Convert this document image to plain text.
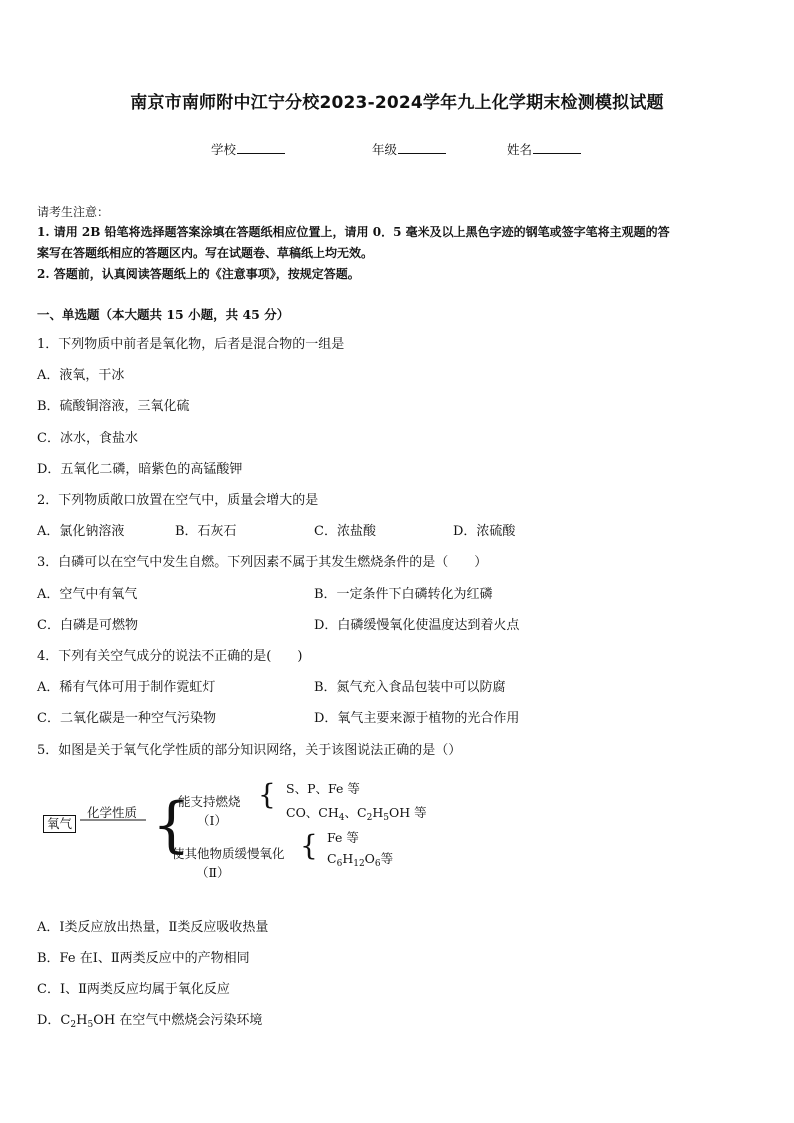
南京市南师附中江宁分校2023-2024学年九上化学期末检测模拟试题
学校	年级	姓名
请考生注意：
1. 请用 2B 铅笔将选择题答案涂填在答题纸相应位置上，请用 0．5 毫米及以上黑色字迹的钢笔或签字笔将主观题的答
案写在答题纸相应的答题区内。写在试题卷、草稿纸上均无效。
2. 答题前，认真阅读答题纸上的《注意事项》，按规定答题。
一、单选题（本大题共 15 小题，共 45 分）
1．下列物质中前者是氧化物，后者是混合物的一组是
A．液氧，干冰
B．硫酸铜溶液，三氧化硫
C．冰水，食盐水
D．五氧化二磷，暗紫色的高锰酸钾
2．下列物质敞口放置在空气中，质量会增大的是
A．氯化钠溶液	B．石灰石	C．浓盐酸	D．浓硫酸
3．白磷可以在空气中发生自燃。下列因素不属于其发生燃烧条件的是（　　）
A．空气中有氧气	B．一定条件下白磷转化为红磷
C．白磷是可燃物	D．白磷缓慢氧化使温度达到着火点
4．下列有关空气成分的说法不正确的是(　　)
A．稀有气体可用于制作霓虹灯	B．氮气充入食品包装中可以防腐
C．二氧化碳是一种空气污染物	D．氧气主要来源于植物的光合作用
5．如图是关于氧气化学性质的部分知识网络，关于该图说法正确的是（）
氧气
化学性质 {
能支持燃烧
（Ⅰ）
{ S、P、Fe 等
CO、$CH_4$、$C_2H_5OH$ 等
使其他物质缓慢氧化
（Ⅱ）
{ Fe 等
$C_6H_{12}O_6$等
A．Ⅰ类反应放出热量，Ⅱ类反应吸收热量
B．Fe 在Ⅰ、Ⅱ两类反应中的产物相同
C．Ⅰ、Ⅱ两类反应均属于氧化反应
D．$C_2H_5OH$ 在空气中燃烧会污染环境
